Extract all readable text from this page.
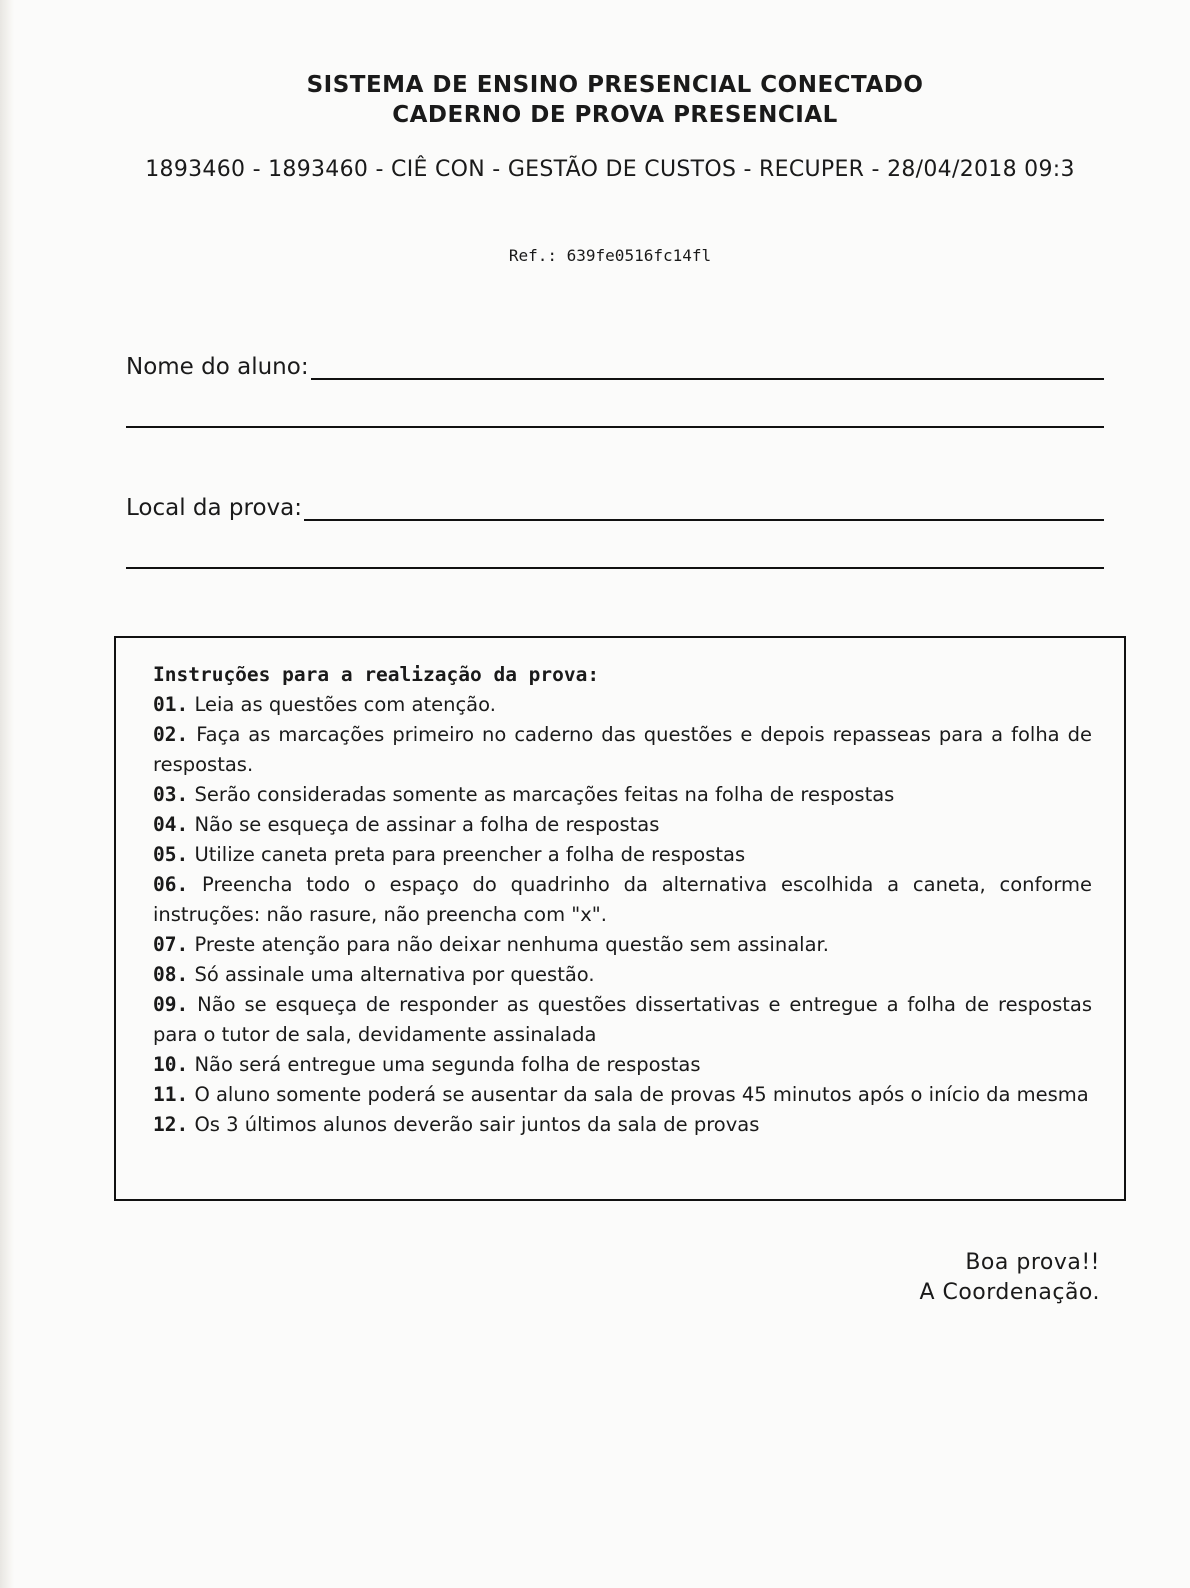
SISTEMA DE ENSINO PRESENCIAL CONECTADO
CADERNO DE PROVA PRESENCIAL
1893460 - 1893460 - CIÊ CON - GESTÃO DE CUSTOS - RECUPER - 28/04/2018 09:3
Ref.: 639fe0516fc14fl
Nome do aluno:
Local da prova:
Instruções para a realização da prova:
01. Leia as questões com atenção.
02. Faça as marcações primeiro no caderno das questões e depois repasseas para a folha de respostas.
03. Serão consideradas somente as marcações feitas na folha de respostas
04. Não se esqueça de assinar a folha de respostas
05. Utilize caneta preta para preencher a folha de respostas
06. Preencha todo o espaço do quadrinho da alternativa escolhida a caneta, conforme instruções: não rasure, não preencha com "x".
07. Preste atenção para não deixar nenhuma questão sem assinalar.
08. Só assinale uma alternativa por questão.
09. Não se esqueça de responder as questões dissertativas e entregue a folha de respostas para o tutor de sala, devidamente assinalada
10. Não será entregue uma segunda folha de respostas
11. O aluno somente poderá se ausentar da sala de provas 45 minutos após o início da mesma
12. Os 3 últimos alunos deverão sair juntos da sala de provas
Boa prova!!
A Coordenação.
